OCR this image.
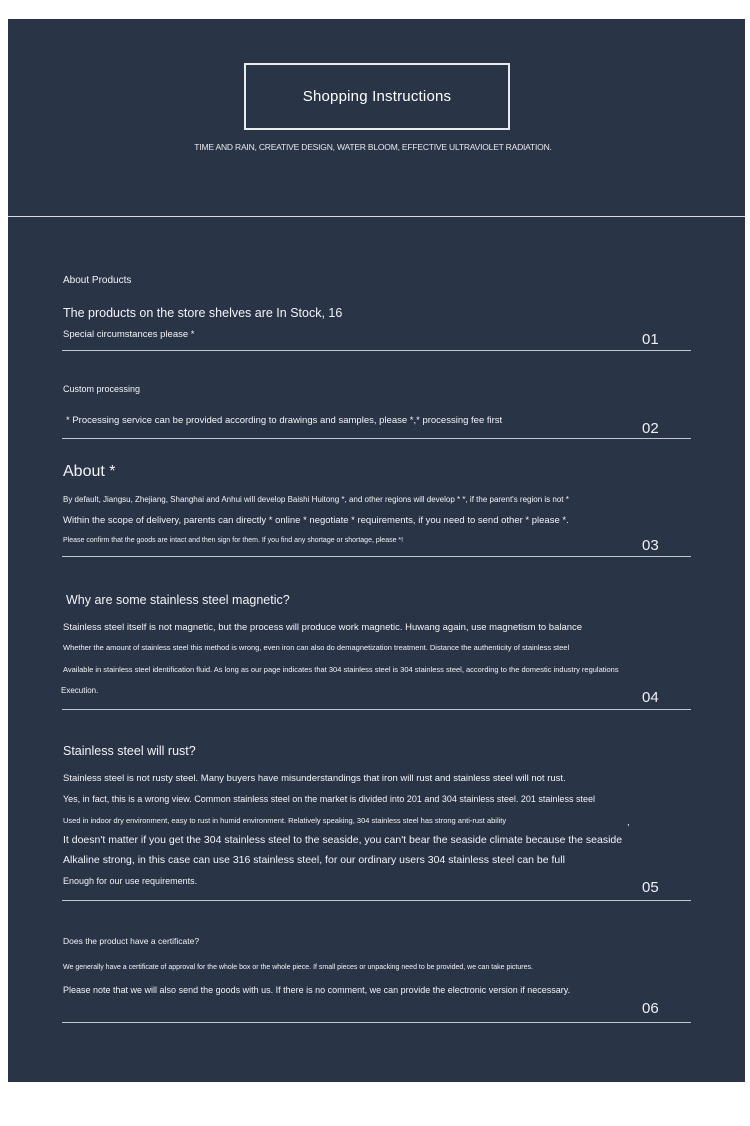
Shopping Instructions
TIME AND RAIN, CREATIVE DESIGN, WATER BLOOM, EFFECTIVE ULTRAVIOLET RADIATION.
About Products
The products on the store shelves are In Stock, 16
Special circumstances please *	01
Custom processing
* Processing service can be provided according to drawings and samples, please *,* processing fee first	02
About *
By default, Jiangsu, Zhejiang, Shanghai and Anhui will develop Baishi Huitong *, and other regions will develop * *, if the parent's region is not *
Within the scope of delivery, parents can directly * online * negotiate * requirements, if you need to send other * please *.
Please confirm that the goods are intact and then sign for them. If you find any shortage or shortage, please *!	03
Why are some stainless steel magnetic?
Stainless steel itself is not magnetic, but the process will produce work magnetic. Huwang again, use magnetism to balance
Whether the amount of stainless steel this method is wrong, even iron can also do demagnetization treatment. Distance the authenticity of stainless steel
Available in stainless steel identification fluid. As long as our page indicates that 304 stainless steel is 304 stainless steel, according to the domestic industry regulations
Execution.	04
Stainless steel will rust?
Stainless steel is not rusty steel. Many buyers have misunderstandings that iron will rust and stainless steel will not rust.
Yes, in fact, this is a wrong view. Common stainless steel on the market is divided into 201 and 304 stainless steel. 201 stainless steel
Used in indoor dry environment, easy to rust in humid environment. Relatively speaking, 304 stainless steel has strong anti-rust ability	,
It doesn't matter if you get the 304 stainless steel to the seaside, you can't bear the seaside climate because the seaside
Alkaline strong, in this case can use 316 stainless steel, for our ordinary users 304 stainless steel can be full
Enough for our use requirements.	05
Does the product have a certificate?
We generally have a certificate of approval for the whole box or the whole piece. If small pieces or unpacking need to be provided, we can take pictures.
Please note that we will also send the goods with us. If there is no comment, we can provide the electronic version if necessary.
06
